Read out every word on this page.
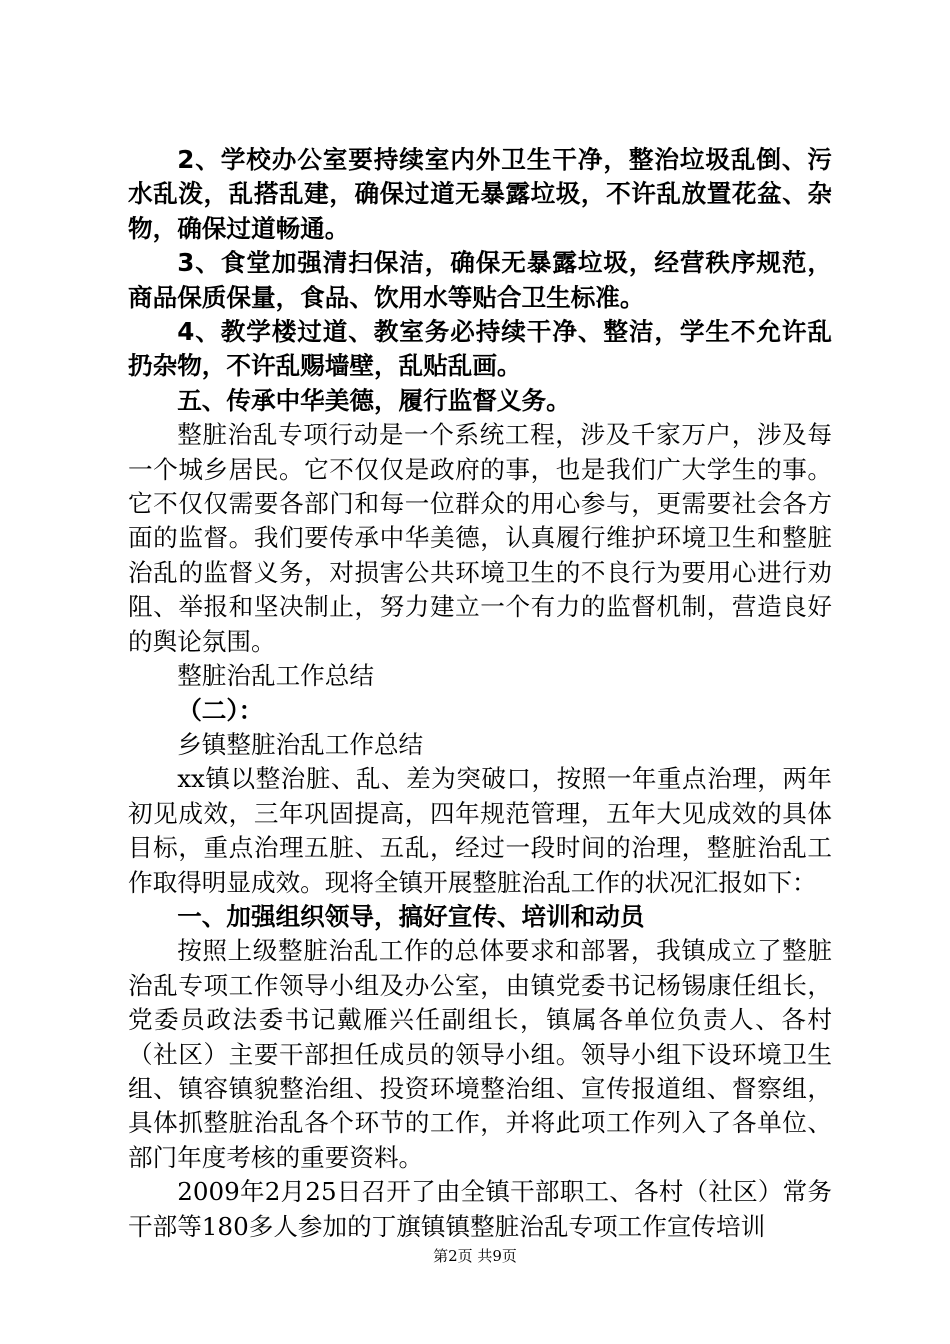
2、学校办公室要持续室内外卫生干净，整治垃圾乱倒、污水乱泼，乱搭乱建，确保过道无暴露垃圾，不许乱放置花盆、杂物，确保过道畅通。

3、食堂加强清扫保洁，确保无暴露垃圾，经营秩序规范，商品保质保量，食品、饮用水等贴合卫生标准。

4、教学楼过道、教室务必持续干净、整洁，学生不允许乱扔杂物，不许乱赐墙壁，乱贴乱画。

五、传承中华美德，履行监督义务。

整脏治乱专项行动是一个系统工程，涉及千家万户，涉及每一个城乡居民。它不仅仅是政府的事，也是我们广大学生的事。它不仅仅需要各部门和每一位群众的用心参与，更需要社会各方面的监督。我们要传承中华美德，认真履行维护环境卫生和整脏治乱的监督义务，对损害公共环境卫生的不良行为要用心进行劝阻、举报和坚决制止，努力建立一个有力的监督机制，营造良好的舆论氛围。

整脏治乱工作总结

（二）：

乡镇整脏治乱工作总结

xx镇以整治脏、乱、差为突破口，按照一年重点治理，两年初见成效，三年巩固提高，四年规范管理，五年大见成效的具体目标，重点治理五脏、五乱，经过一段时间的治理，整脏治乱工作取得明显成效。现将全镇开展整脏治乱工作的状况汇报如下：

一、加强组织领导，搞好宣传、培训和动员

按照上级整脏治乱工作的总体要求和部署，我镇成立了整脏治乱专项工作领导小组及办公室，由镇党委书记杨锡康任组长，党委员政法委书记戴雁兴任副组长，镇属各单位负责人、各村（社区）主要干部担任成员的领导小组。领导小组下设环境卫生组、镇容镇貌整治组、投资环境整治组、宣传报道组、督察组，具体抓整脏治乱各个环节的工作，并将此项工作列入了各单位、部门年度考核的重要资料。

2009年2月25日召开了由全镇干部职工、各村（社区）常务干部等180多人参加的丁旗镇镇整脏治乱专项工作宣传培训

第2页 共9页
